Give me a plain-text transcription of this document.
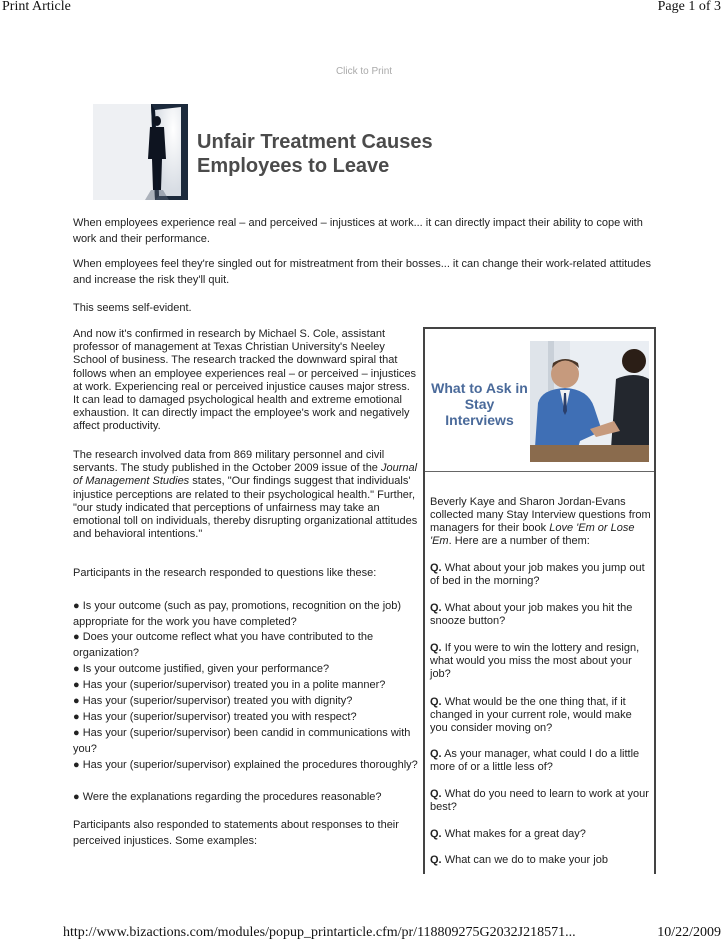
Print Article	Page 1 of 3
Click to Print
Unfair Treatment Causes
Employees to Leave

When employees experience real – and perceived – injustices at work... it can directly impact their ability to cope with work and their performance.

When employees feel they're singled out for mistreatment from their bosses... it can change their work-related attitudes and increase the risk they'll quit.

This seems self-evident.

And now it's confirmed in research by Michael S. Cole, assistant professor of management at Texas Christian University's Neeley School of business. The research tracked the downward spiral that follows when an employee experiences real – or perceived – injustices at work. Experiencing real or perceived injustice causes major stress. It can lead to damaged psychological health and extreme emotional exhaustion. It can directly impact the employee's work and negatively affect productivity.

The research involved data from 869 military personnel and civil servants. The study published in the October 2009 issue of the Journal of Management Studies states, "Our findings suggest that individuals' injustice perceptions are related to their psychological health." Further, "our study indicated that perceptions of unfairness may take an emotional toll on individuals, thereby disrupting organizational attitudes and behavioral intentions."

Participants in the research responded to questions like these:

● Is your outcome (such as pay, promotions, recognition on the job) appropriate for the work you have completed?

● Does your outcome reflect what you have contributed to the organization?

● Is your outcome justified, given your performance?

● Has your (superior/supervisor) treated you in a polite manner?

● Has your (superior/supervisor) treated you with dignity?

● Has your (superior/supervisor) treated you with respect?

● Has your (superior/supervisor) been candid in communications with you?

● Has your (superior/supervisor) explained the procedures thoroughly?

● Were the explanations regarding the procedures reasonable?

Participants also responded to statements about responses to their perceived injustices. Some examples:

What to Ask in Stay Interviews

Beverly Kaye and Sharon Jordan-Evans collected many Stay Interview questions from managers for their book Love 'Em or Lose 'Em. Here are a number of them:

Q. What about your job makes you jump out of bed in the morning?

Q. What about your job makes you hit the snooze button?

Q. If you were to win the lottery and resign, what would you miss the most about your job?

Q. What would be the one thing that, if it changed in your current role, would make you consider moving on?

Q. As your manager, what could I do a little more of or a little less of?

Q. What do you need to learn to work at your best?

Q. What makes for a great day?

Q. What can we do to make your job

http://www.bizactions.com/modules/popup_printarticle.cfm/pr/118809275G2032J218571...	10/22/2009
